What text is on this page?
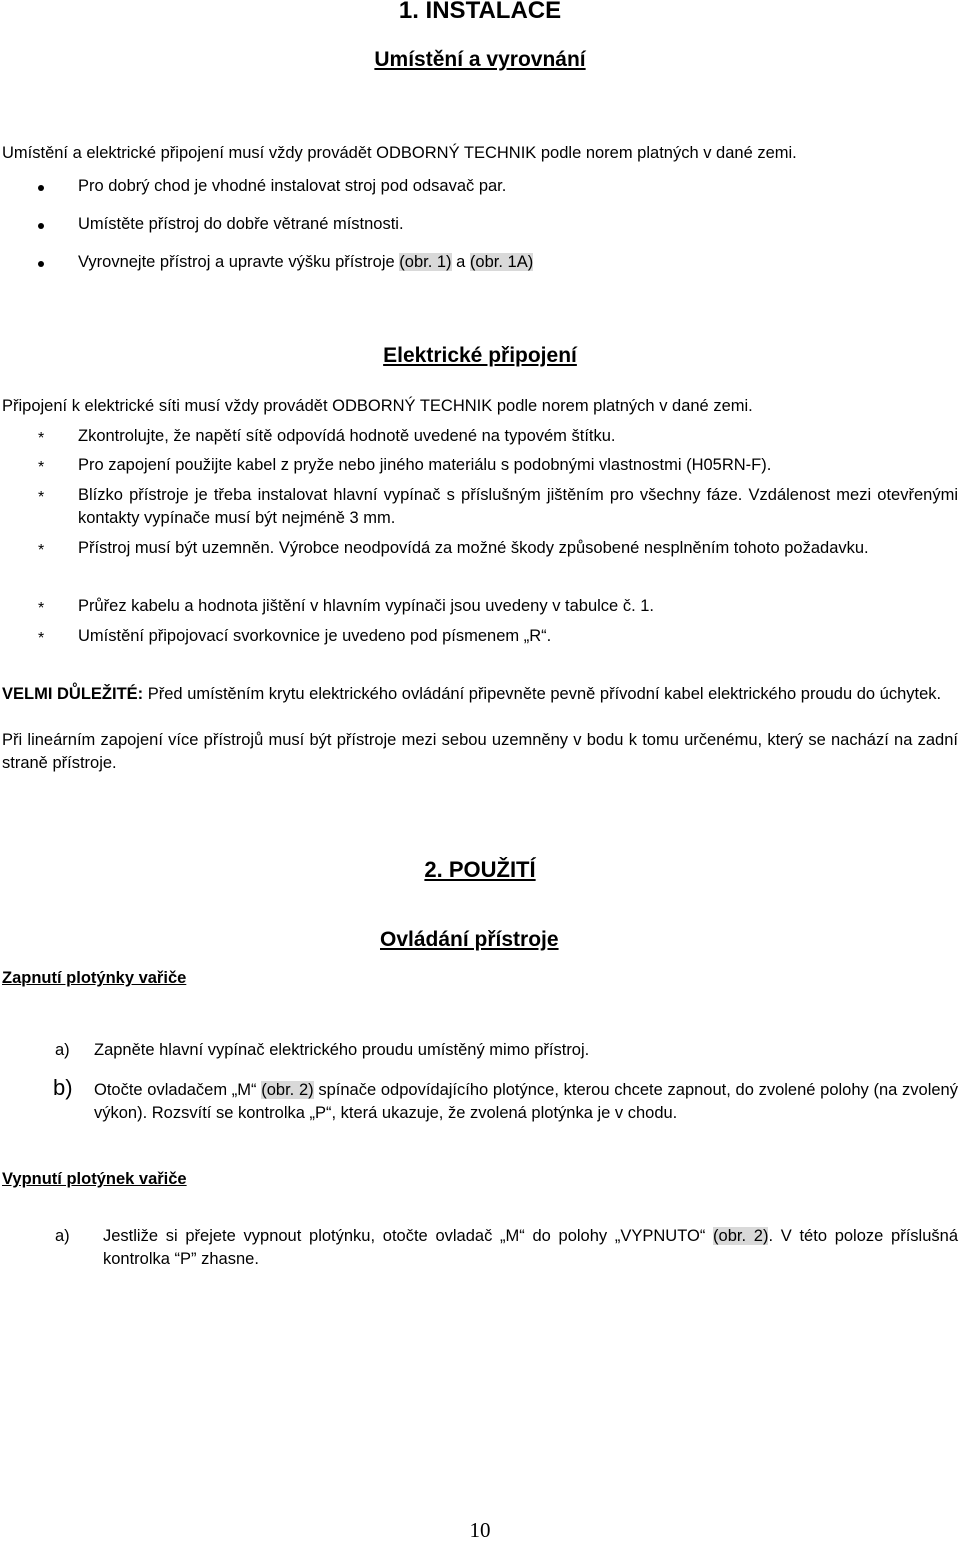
1. INSTALACE
Umístění a vyrovnání
Umístění a elektrické připojení musí vždy provádět ODBORNÝ TECHNIK podle norem platných v dané zemi.
Pro dobrý chod je vhodné instalovat stroj pod odsavač par.
Umístěte přístroj do dobře větrané místnosti.
Vyrovnejte přístroj a upravte výšku přístroje (obr. 1) a (obr. 1A)
Elektrické připojení
Připojení k elektrické síti musí vždy provádět ODBORNÝ TECHNIK podle norem platných v dané zemi.
* Zkontrolujte, že napětí sítě odpovídá hodnotě uvedené na typovém štítku.
* Pro zapojení použijte kabel z pryže nebo jiného materiálu s podobnými vlastnostmi (H05RN-F).
* Blízko přístroje je třeba instalovat hlavní vypínač s příslušným jištěním pro všechny fáze. Vzdálenost mezi otevřenými kontakty vypínače musí být nejméně 3 mm.
* Přístroj musí být uzemněn. Výrobce neodpovídá za možné škody způsobené nesplněním tohoto požadavku.
* Průřez kabelu a hodnota jištění v hlavním vypínači jsou uvedeny v tabulce č. 1.
* Umístění připojovací svorkovnice je uvedeno pod písmenem „R“.
VELMI DŮLEŽITÉ: Před umístěním krytu elektrického ovládání připevněte pevně přívodní kabel elektrického proudu do úchytek.
Při lineárním zapojení více přístrojů musí být přístroje mezi sebou uzemněny v bodu k tomu určenému, který se nachází na zadní straně přístroje.
2. POUŽITÍ
Ovládání přístroje
Zapnutí plotýnky vařiče
a) Zapněte hlavní vypínač elektrického proudu umístěný mimo přístroj.
b) Otočte ovladačem „M“ (obr. 2) spínače odpovídajícího plotýnce, kterou chcete zapnout, do zvolené polohy (na zvolený výkon). Rozsvítí se kontrolka „P“, která ukazuje, že zvolená plotýnka je v chodu.
Vypnutí plotýnek vařiče
a) Jestliže si přejete vypnout plotýnku, otočte ovladač „M“ do polohy „VYPNUTO“ (obr. 2). V této poloze příslušná kontrolka “P” zhasne.
10
